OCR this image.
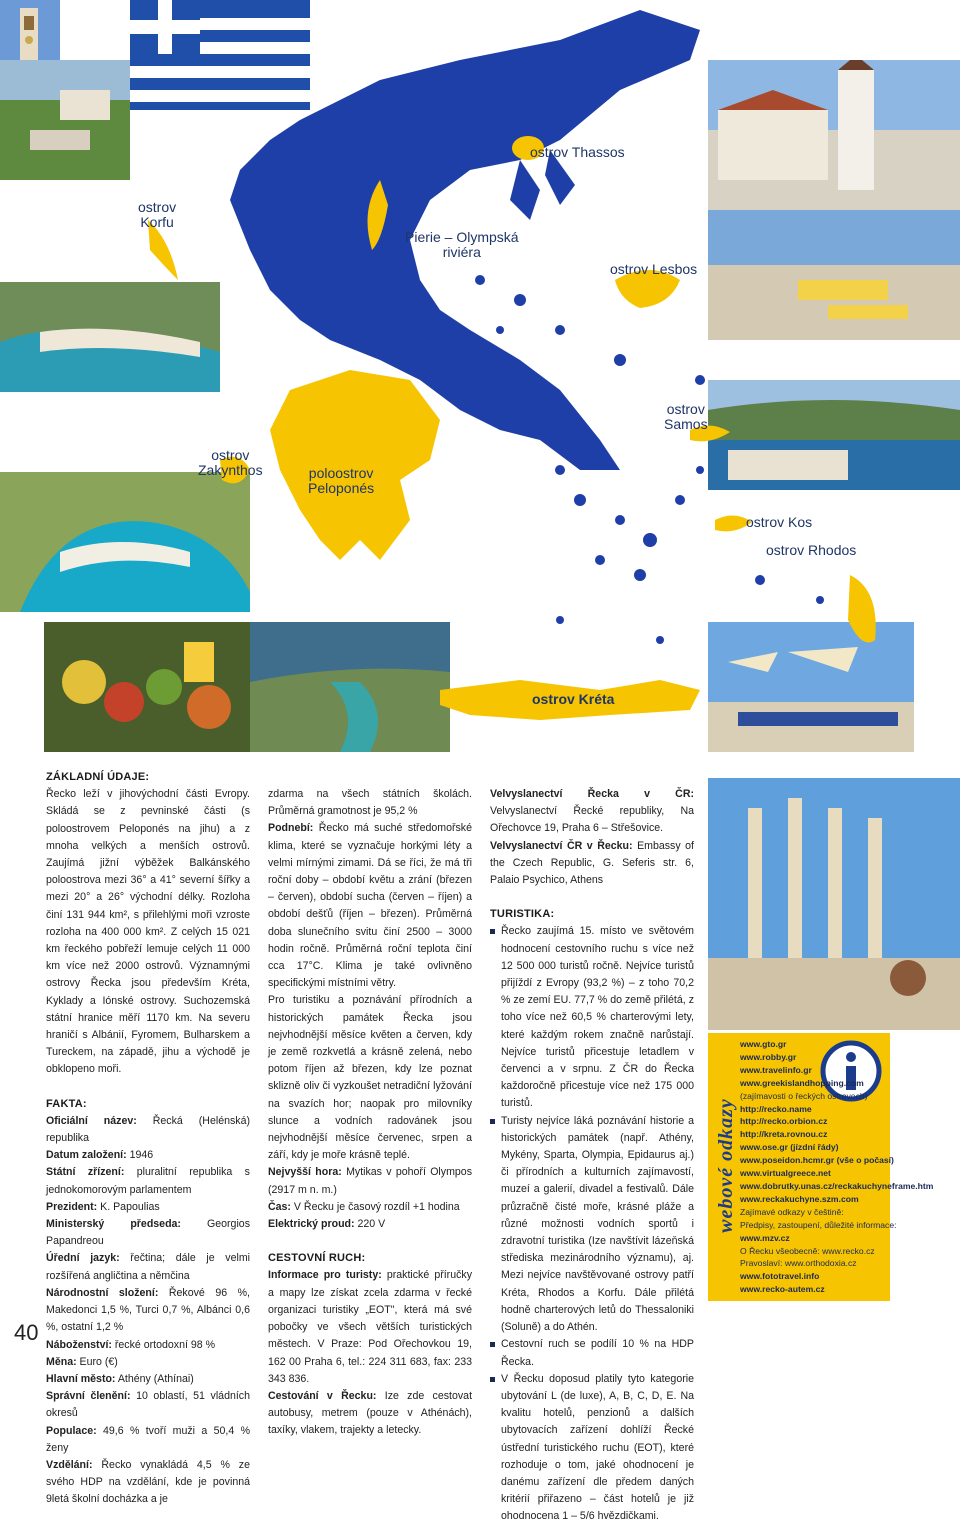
ostrov Thassos
ostrov
Korfu
Pierie – Olympská
riviéra
ostrov Lesbos
ostrov
Samos
ostrov
Zakynthos	poloostrov
Peloponés
ostrov Kos
ostrov Rhodos
ostrov Kréta

ZÁKLADNÍ ÚDAJE:

Řecko leží v jihovýchodní části Evropy. Skládá se z pevninské části (s poloostrovem Peloponés na jihu) a z mnoha velkých a menších ostrovů. Zaujímá jižní výběžek Balkánského poloostrova mezi 36° a 41° severní šířky a mezi 20° a 26° východní délky. Rozloha činí 131 944 km², s přilehlými moři vzroste rozloha na 400 000 km². Z celých 15 021 km řeckého pobřeží lemuje celých 11 000 km více než 2000 ostrovů. Významnými ostrovy Řecka jsou především Kréta, Kyklady a Iónské ostrovy. Suchozemská státní hranice měří 1170 km. Na severu hraničí s Albánií, Fyromem, Bulharskem a Tureckem, na západě, jihu a východě je obklopeno moři.

FAKTA:

Oficiální název: Řecká (Helénská) republika

Datum založení: 1946

Státní zřízení: pluralitní republika s jednokomorovým parlamentem

Prezident: K. Papoulias

Ministerský předseda: Georgios Papandreou

Úřední jazyk: řečtina; dále je velmi rozšířená angličtina a němčina

Národnostní složení: Řekové 96 %, Makedonci 1,5 %, Turci 0,7 %, Albánci 0,6 %, ostatní 1,2 %

Náboženství: řecké ortodoxní 98 %

Měna: Euro (€)

Hlavní město: Athény (Athínai)

Správní členění: 10 oblastí, 51 vládních okresů

Populace: 49,6 % tvoří muži a 50,4 % ženy

Vzdělání: Řecko vynakládá 4,5 % ze svého HDP na vzdělání, kde je povinná 9letá školní docházka a je

zdarma na všech státních školách. Průměrná gramotnost je 95,2 %

Podnebí: Řecko má suché středomořské klima, které se vyznačuje horkými léty a velmi mírnými zimami. Dá se říci, že má tři roční doby – období květu a zrání (březen – červen), období sucha (červen – říjen) a období dešťů (říjen – březen). Průměrná doba slunečního svitu činí 2500 – 3000 hodin ročně. Průměrná roční teplota činí cca 17°C. Klima je také ovlivněno specifickými místními větry.

Pro turistiku a poznávání přírodních a historických památek Řecka jsou nejvhodnější měsíce květen a červen, kdy je země rozkvetlá a krásně zelená, nebo potom říjen až březen, kdy lze poznat sklizně oliv či vyzkoušet netradiční lyžování na svazích hor; naopak pro milovníky slunce a vodních radovánek jsou nejvhodnější měsíce červenec, srpen a září, kdy je moře krásně teplé.

Nejvyšší hora: Mytikas v pohoří Olympos (2917 m n. m.)

Čas: V Řecku je časový rozdíl +1 hodina

Elektrický proud: 220 V

CESTOVNÍ RUCH:

Informace pro turisty: praktické příručky a mapy lze získat zcela zdarma v řecké organizaci turistiky „EOT", která má své pobočky ve všech větších turistických městech. V Praze: Pod Ořechovkou 19, 162 00 Praha 6, tel.: 224 311 683, fax: 233 343 836.

Cestování v Řecku: Ize zde cestovat autobusy, metrem (pouze v Athénách), taxíky, vlakem, trajekty a letecky.

Velvyslanectví Řecka v ČR: Velvyslanectví Řecké republiky, Na Ořechovce 19, Praha 6 – Střešovice.

Velvyslanectví ČR v Řecku: Embassy of the Czech Republic, G. Seferis str. 6, Palaio Psychico, Athens

TURISTIKA:

Řecko zaujímá 15. místo ve světovém hodnocení cestovního ruchu s více než 12 500 000 turistů ročně. Nejvíce turistů přijíždí z Evropy (93,2 %) – z toho 70,2 % ze zemí EU. 77,7 % do země přilétá, z toho více než 60,5 % charterovými lety, které každým rokem značně narůstají. Nejvíce turistů přicestuje letadlem v červenci a v srpnu. Z ČR do Řecka každoročně přicestuje více než 175 000 turistů.
Turisty nejvíce láká poznávání historie a historických památek (např. Athény, Mykény, Sparta, Olympia, Epidaurus aj.) či přírodních a kulturních zajímavostí, muzeí a galerií, divadel a festivalů. Dále průzračně čisté moře, krásné pláže a různé možnosti vodních sportů i zdravotní turistika (Ize navštívit lázeňská střediska mezinárodního významu), aj. Mezi nejvíce navštěvované ostrovy patří Kréta, Rhodos a Korfu. Dále přilétá hodně charterových letů do Thessaloniki (Soluně) a do Athén.
Cestovní ruch se podílí 10 % na HDP Řecka.
V Řecku doposud platily tyto kategorie ubytování L (de luxe), A, B, C, D, E. Na kvalitu hotelů, penzionů a dalších ubytovacích zařízení dohlíží Řecké ústřední turistického ruchu (EOT), které rozhoduje o tom, jaké ohodnocení je danému zařízení dle předem daných kritérií přiřazeno – část hotelů je již ohodnocena 1 – 5/6 hvězdičkami.
webové odkazy
www.gto.gr
www.robby.gr
www.travelinfo.gr
www.greekislandhopping.com
(zajímavosti o řeckých ostrovech)
http://recko.name
http://recko.orbion.cz
http://kreta.rovnou.cz
www.ose.gr (jízdní řády)
www.poseidon.hcmr.gr (vše o počasí)
www.virtualgreece.net
www.dobrutky.unas.cz/reckakuchyneframe.htm
www.reckakuchyne.szm.com
Zajímavé odkazy v češtině:
Předpisy, zastoupení, důležité informace:
www.mzv.cz
O Řecku všeobecně: www.recko.cz
Pravoslaví: www.orthodoxia.cz
www.fototravel.info
www.recko-autem.cz
40
